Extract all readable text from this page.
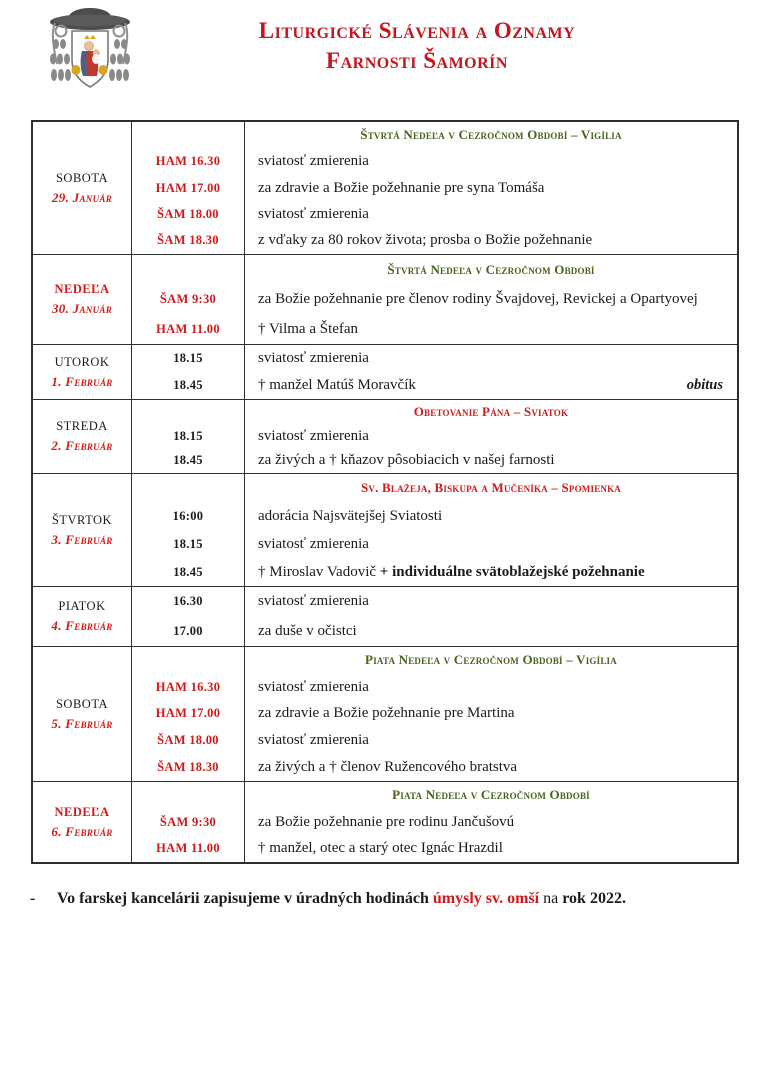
Liturgické Slávenia a Oznamy
Farnosti Šamorín
SOBOTA
29. Január
Štvrtá Nedeľa v Cezročnom Období – Vigília
HAM 16.30	sviatosť zmierenia
HAM 17.00	za zdravie a Božie požehnanie pre syna Tomáša
ŠAM 18.00	sviatosť zmierenia
ŠAM 18.30	z vďaky za 80 rokov života; prosba o Božie požehnanie
NEDEĽA
30. Január
Štvrtá Nedeľa v Cezročnom Období
ŠAM 9:30	za Božie požehnanie pre členov rodiny Švajdovej, Revickej a Opartyovej
HAM 11.00	† Vilma a Štefan
UTOROK
1. Február
18.15	sviatosť zmierenia
18.45	† manžel Matúš Moravčík	obitus
STREDA
2. Február
Obetovanie Pána – Sviatok
18.15	sviatosť zmierenia
18.45	za živých a † kňazov pôsobiacich v našej farnosti
ŠTVRTOK
3. Február
Sv. Blažeja, Biskupa a Mučeníka – Spomienka
16:00	adorácia Najsvätejšej Sviatosti
18.15	sviatosť zmierenia
18.45	† Miroslav Vadovič + individuálne svätoblažejské požehnanie
PIATOK
4. Február
16.30	sviatosť zmierenia
17.00	za duše v očistci
SOBOTA
5. Február
Piata Nedeľa v Cezročnom Období – Vigília
HAM 16.30	sviatosť zmierenia
HAM 17.00	za zdravie a Božie požehnanie pre Martina
ŠAM 18.00	sviatosť zmierenia
ŠAM 18.30	za živých a † členov Ružencového bratstva
NEDEĽA
6. Február
Piata Nedeľa v Cezročnom Období
ŠAM 9:30	za Božie požehnanie pre rodinu Jančušovú
HAM 11.00	† manžel, otec a starý otec Ignác Hrazdil
-	Vo farskej kancelárii zapisujeme v úradných hodinách úmysly sv. omší na rok 2022.
